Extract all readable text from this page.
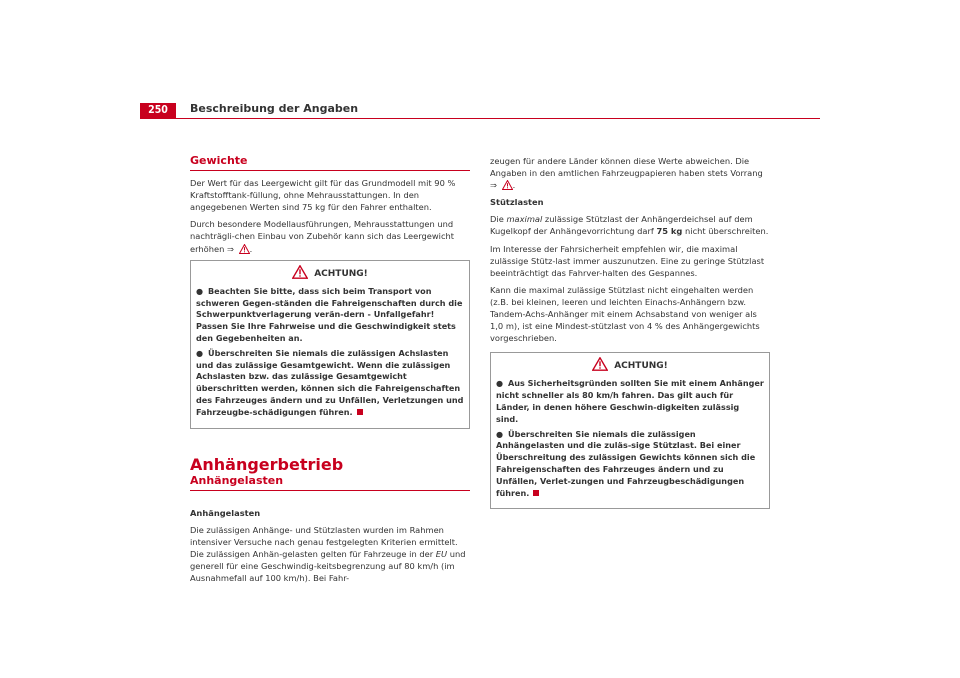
250	Beschreibung der Angaben
Gewichte

Der Wert für das Leergewicht gilt für das Grundmodell mit 90 % Kraftstofftank-füllung, ohne Mehrausstattungen. In den angegebenen Werten sind 75 kg für den Fahrer enthalten.

Durch besondere Modellausführungen, Mehrausstattungen und nachträgli-chen Einbau von Zubehör kann sich das Leergewicht erhöhen ⇒ .

ACHTUNG!

● Beachten Sie bitte, dass sich beim Transport von schweren Gegen-ständen die Fahreigenschaften durch die Schwerpunktverlagerung verän-dern - Unfallgefahr! Passen Sie Ihre Fahrweise und die Geschwindigkeit stets den Gegebenheiten an.

● Überschreiten Sie niemals die zulässigen Achslasten und das zulässige Gesamtgewicht. Wenn die zulässigen Achslasten bzw. das zulässige Gesamtgewicht überschritten werden, können sich die Fahreigenschaften des Fahrzeuges ändern und zu Unfällen, Verletzungen und Fahrzeugbe-schädigungen führen.

Anhängerbetrieb
Anhängelasten

Anhängelasten

Die zulässigen Anhänge- und Stützlasten wurden im Rahmen intensiver Versuche nach genau festgelegten Kriterien ermittelt. Die zulässigen Anhän-gelasten gelten für Fahrzeuge in der EU und generell für eine Geschwindig-keitsbegrenzung auf 80 km/h (im Ausnahmefall auf 100 km/h). Bei Fahr-

zeugen für andere Länder können diese Werte abweichen. Die Angaben in den amtlichen Fahrzeugpapieren haben stets Vorrang ⇒ .

Stützlasten

Die maximal zulässige Stützlast der Anhängerdeichsel auf dem Kugelkopf der Anhängevorrichtung darf 75 kg nicht überschreiten.

Im Interesse der Fahrsicherheit empfehlen wir, die maximal zulässige Stütz-last immer auszunutzen. Eine zu geringe Stützlast beeinträchtigt das Fahrver-halten des Gespannes.

Kann die maximal zulässige Stützlast nicht eingehalten werden (z.B. bei kleinen, leeren und leichten Einachs-Anhängern bzw. Tandem-Achs-Anhänger mit einem Achsabstand von weniger als 1,0 m), ist eine Mindest-stützlast von 4 % des Anhängergewichts vorgeschrieben.

ACHTUNG!

● Aus Sicherheitsgründen sollten Sie mit einem Anhänger nicht schneller als 80 km/h fahren. Das gilt auch für Länder, in denen höhere Geschwin-digkeiten zulässig sind.

● Überschreiten Sie niemals die zulässigen Anhängelasten und die zuläs-sige Stützlast. Bei einer Überschreitung des zulässigen Gewichts können sich die Fahreigenschaften des Fahrzeuges ändern und zu Unfällen, Verlet-zungen und Fahrzeugbeschädigungen führen.
